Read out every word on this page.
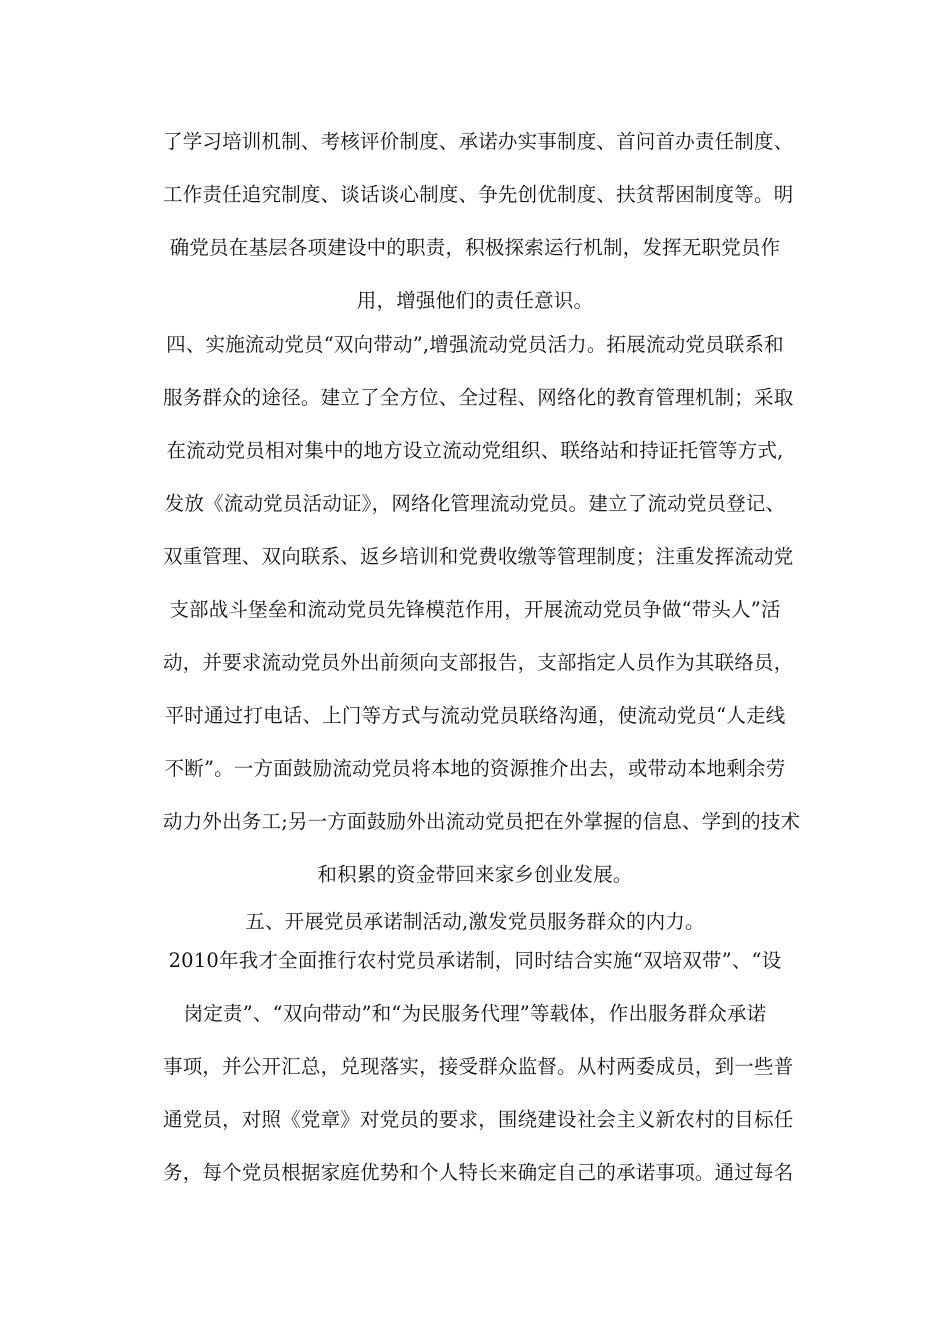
了学习培训机制、考核评价制度、承诺办实事制度、首问首办责任制度、
工作责任追究制度、谈话谈心制度、争先创优制度、扶贫帮困制度等。明
确党员在基层各项建设中的职责，积极探索运行机制，发挥无职党员作
用，增强他们的责任意识。
四、实施流动党员“双向带动”,增强流动党员活力。拓展流动党员联系和
服务群众的途径。建立了全方位、全过程、网络化的教育管理机制；采取
在流动党员相对集中的地方设立流动党组织、联络站和持证托管等方式,
发放《流动党员活动证》，网络化管理流动党员。建立了流动党员登记、
双重管理、双向联系、返乡培训和党费收缴等管理制度；注重发挥流动党
支部战斗堡垒和流动党员先锋模范作用，开展流动党员争做“带头人”活
动，并要求流动党员外出前须向支部报告，支部指定人员作为其联络员，
平时通过打电话、上门等方式与流动党员联络沟通，使流动党员“人走线
不断”。一方面鼓励流动党员将本地的资源推介出去，或带动本地剩余劳
动力外出务工;另一方面鼓励外出流动党员把在外掌握的信息、学到的技术
和积累的资金带回来家乡创业发展。
五、开展党员承诺制活动,激发党员服务群众的内力。
2010年我才全面推行农村党员承诺制，同时结合实施“双培双带”、“设
岗定责”、“双向带动”和“为民服务代理”等载体，作出服务群众承诺
事项，并公开汇总，兑现落实，接受群众监督。从村两委成员，到一些普
通党员，对照《党章》对党员的要求，围绕建设社会主义新农村的目标任
务，每个党员根据家庭优势和个人特长来确定自己的承诺事项。通过每名
